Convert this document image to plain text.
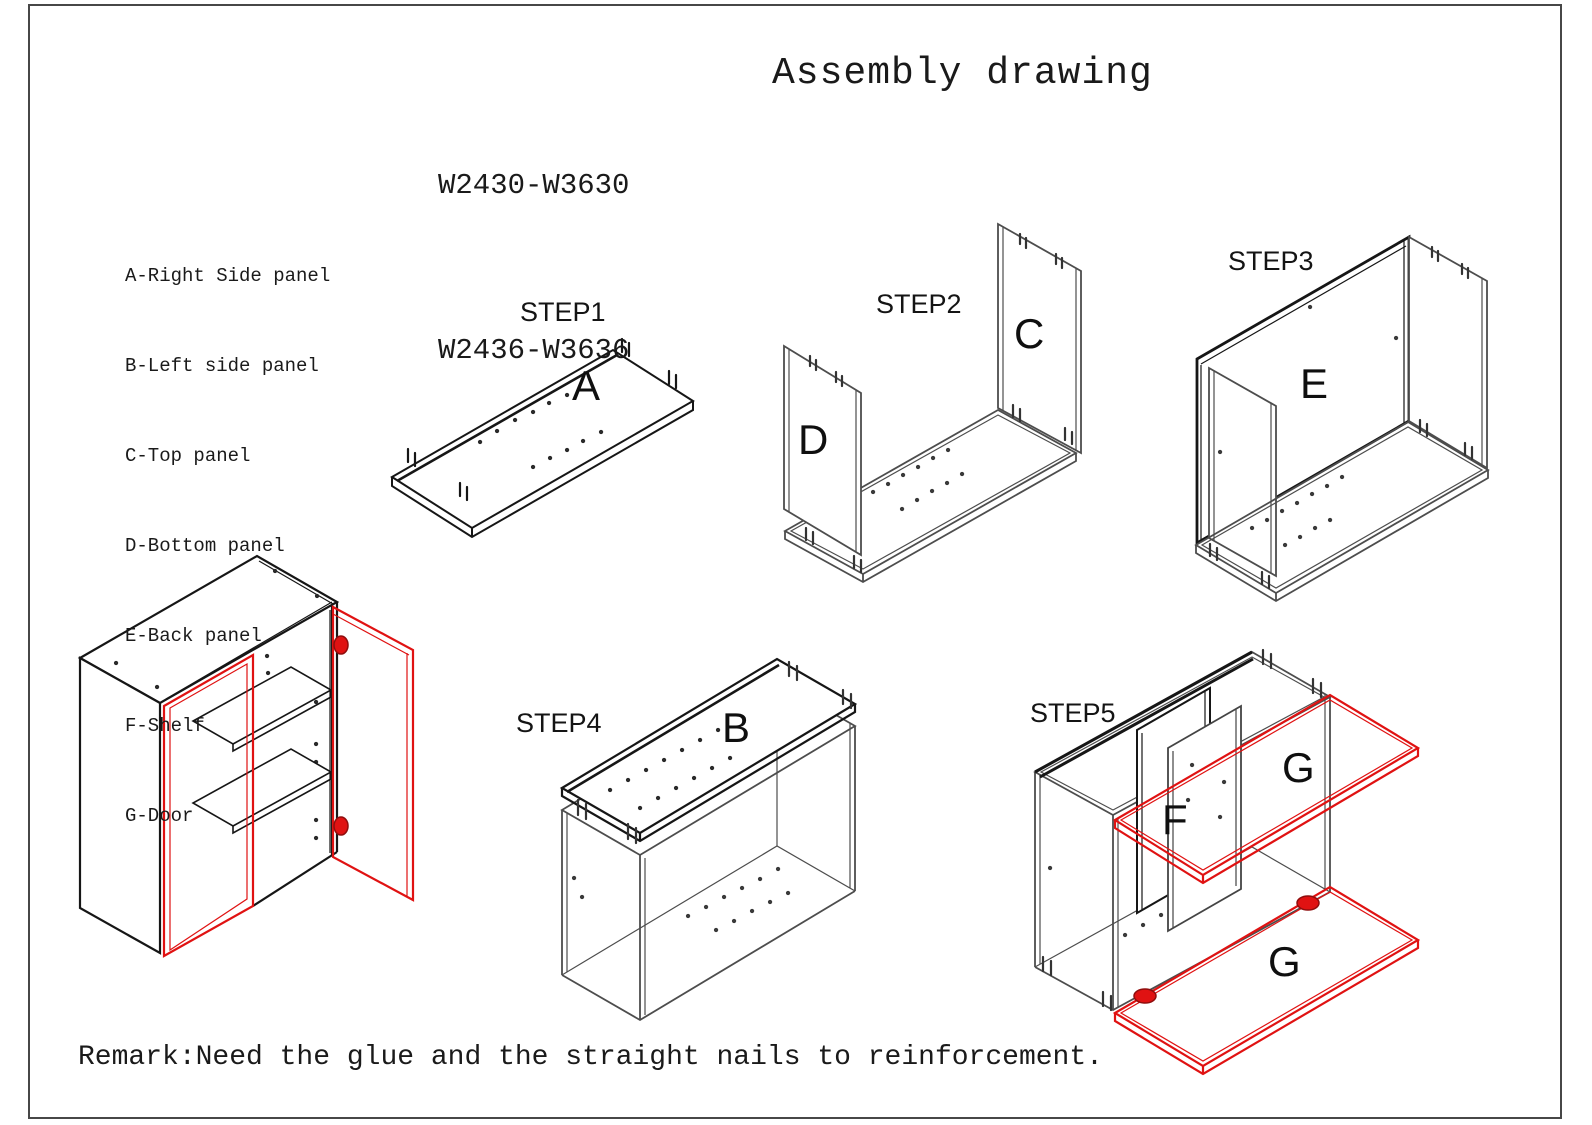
W2430-W3630

W2436-W3636

Assembly drawing

A-Right Side panel

B-Left side panel

C-Top panel

D-Bottom panel

E-Back panel

F-Shelf

G-Door

STEP1	STEP2
STEP3
STEP4	STEP5
A
D
C
E
B
F
G
G
Remark:Need the glue and the straight nails to reinforcement.
